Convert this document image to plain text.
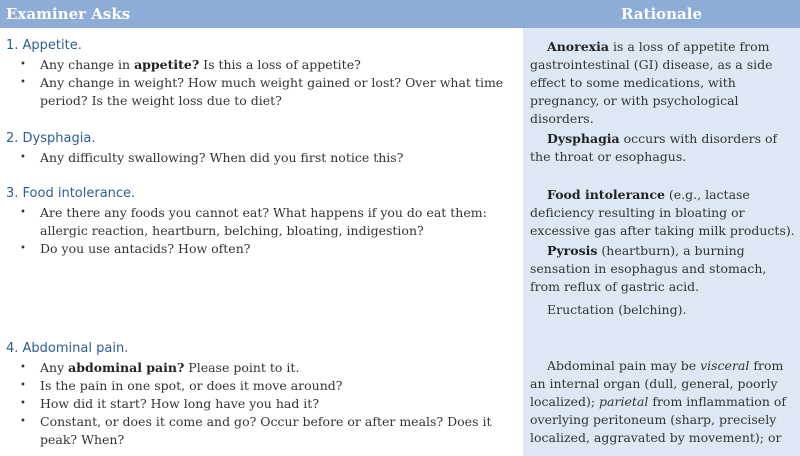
Examiner Asks	Rationale
1. Appetite.
• Any change in appetite? Is this a loss of appetite?
• Any change in weight? How much weight gained or lost? Over what time period? Is the weight loss due to diet?
2. Dysphagia.
• Any difficulty swallowing? When did you first notice this?
3. Food intolerance.
• Are there any foods you cannot eat? What happens if you do eat them: allergic reaction, heartburn, belching, bloating, indigestion?
• Do you use antacids? How often?
4. Abdominal pain.
• Any abdominal pain? Please point to it.
• Is the pain in one spot, or does it move around?
• How did it start? How long have you had it?
• Constant, or does it come and go? Occur before or after meals? Does it peak? When?

Anorexia is a loss of appetite from gastrointestinal (GI) disease, as a side effect to some medications, with pregnancy, or with psychological disorders.

Dysphagia occurs with disorders of the throat or esophagus.

Food intolerance (e.g., lactase deficiency resulting in bloating or excessive gas after taking milk products).

Pyrosis (heartburn), a burning sensation in esophagus and stomach, from reflux of gastric acid.

Eructation (belching).

Abdominal pain may be visceral from an internal organ (dull, general, poorly localized); parietal from inflammation of overlying peritoneum (sharp, precisely localized, aggravated by movement); or
